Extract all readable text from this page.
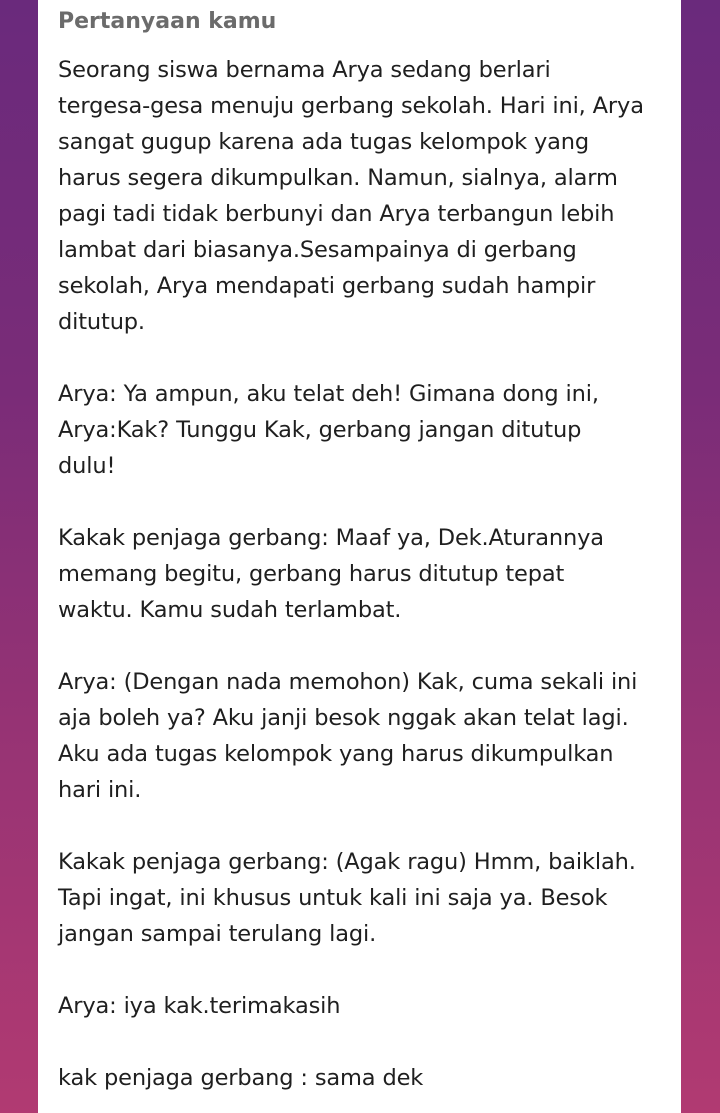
Pertanyaan kamu
Seorang siswa bernama Arya sedang berlari
tergesa-gesa menuju gerbang sekolah. Hari ini, Arya
sangat gugup karena ada tugas kelompok yang
harus segera dikumpulkan. Namun, sialnya, alarm
pagi tadi tidak berbunyi dan Arya terbangun lebih
lambat dari biasanya.Sesampainya di gerbang
sekolah, Arya mendapati gerbang sudah hampir
ditutup.
Arya: Ya ampun, aku telat deh! Gimana dong ini,
Arya:Kak? Tunggu Kak, gerbang jangan ditutup
dulu!
Kakak penjaga gerbang: Maaf ya, Dek.Aturannya
memang begitu, gerbang harus ditutup tepat
waktu. Kamu sudah terlambat.
Arya: (Dengan nada memohon) Kak, cuma sekali ini
aja boleh ya? Aku janji besok nggak akan telat lagi.
Aku ada tugas kelompok yang harus dikumpulkan
hari ini.
Kakak penjaga gerbang: (Agak ragu) Hmm, baiklah.
Tapi ingat, ini khusus untuk kali ini saja ya. Besok
jangan sampai terulang lagi.
Arya: iya kak.terimakasih
kak penjaga gerbang : sama dek
